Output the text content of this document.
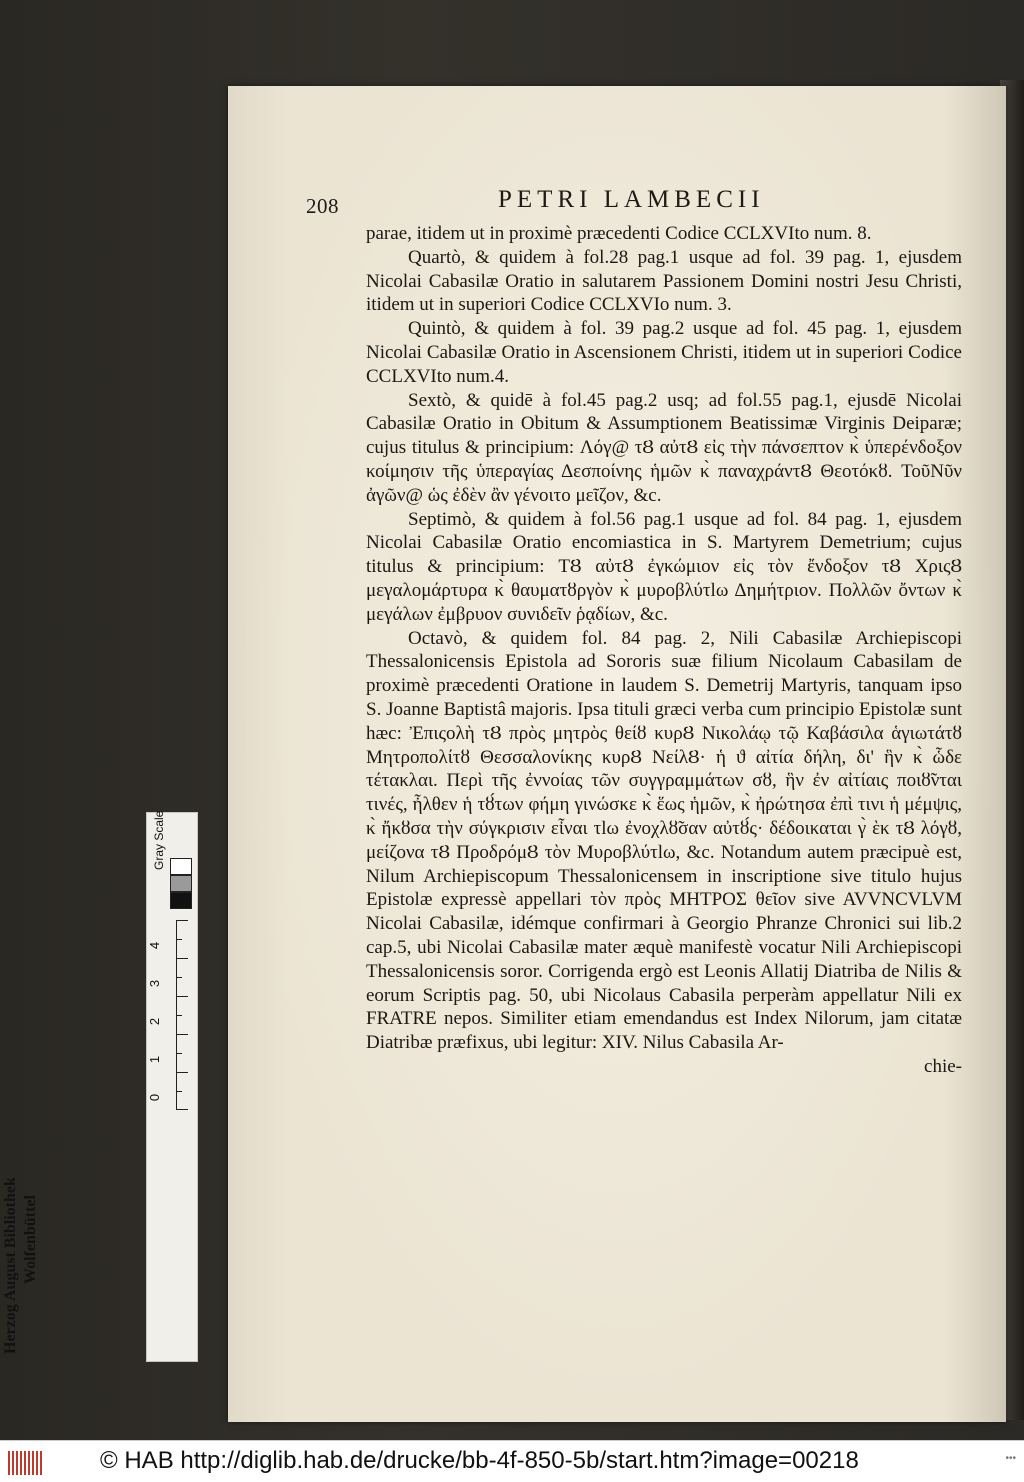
208	PETRI LAMBECII

parae, itidem ut in proximè præcedenti Codice CCLXVIto num. 8.

Quartò, & quidem à fol.28 pag.1 usque ad fol. 39 pag. 1, ejusdem Nicolai Cabasilæ Oratio in salutarem Passionem Domini nostri Jesu Christi, itidem ut in superiori Codice CCLXVIo num. 3.

Quintò, & quidem à fol. 39 pag.2 usque ad fol. 45 pag. 1, ejusdem Nicolai Cabasilæ Oratio in Ascensionem Christi, itidem ut in superiori Codice CCLXVIto num.4.

Sextò, & quidē à fol.45 pag.2 usq; ad fol.55 pag.1, ejusdē Nicolai Cabasilæ Oratio in Obitum & Assumptionem Beatissimæ Virginis Deiparæ; cujus titulus & principium: Λόγ@ τȢ αὐτȢ εἰς τὴν πάνσεπτον κ̀ ὑπερένδοξον κοίμησιν τῆς ὑπεραγίας Δεσποίνης ἡμῶν κ̀ παναχράντȢ Θεοτόκȣ. ΤοῦΝῦν ἀγῶν@ ὡς ἐδὲν ἂν γένοιτο μεῖζον, &c.

Septimò, & quidem à fol.56 pag.1 usque ad fol. 84 pag. 1, ejusdem Nicolai Cabasilæ Oratio encomiastica in S. Martyrem Demetrium; cujus titulus & principium: ΤȢ αὐτȢ ἐγκώμιον εἰς τὸν ἔνδοξον τȢ ΧριςȢ μεγαλομάρτυρα κ̀ θαυματȣργὸν κ̀ μυροβλύτlω Δημήτριον. Πολλῶν ὄντων κ̀ μεγάλων ἐμβρυον συνιδεῖν ῥᾳδίων, &c.

Octavò, & quidem fol. 84 pag. 2, Nili Cabasilæ Archiepiscopi Thessalonicensis Epistola ad Sororis suæ filium Nicolaum Cabasilam de proximè præcedenti Oratione in laudem S. Demetrij Martyris, tanquam ipso S. Joanne Baptistâ majoris. Ipsa tituli græci verba cum principio Epistolæ sunt hæc: Ἐπιςολὴ τȢ πρὸς μητρὸς θείȣ κυρȢ Νικολάῳ τῷ Καβάσιλα ἁγιωτάτȣ Μητροπολίτȣ Θεσσαλονίκης κυρȢ ΝείλȢ· ἡ ϑ αἰτία δήλη, δι' ἣν κ̀ ὧδε τέτακλαι. Περὶ τῆς ἐννοίας τῶν συγγραμμάτων σȣ, ἣν ἐν αἰτίαις ποιȣ̃νται τινές, ἦλθεν ἡ τȣ́των φήμη γινώσκε κ̀ ἕως ἡμῶν, κ̀ ἠρώτησα ἐπὶ τινι ἡ μέμψις, κ̀ ἤκȣσα τὴν σύγκρισιν εἶναι τlω ἐνοχλȣ̃σαν αὐτȣ́ς· δέδοικαται γ̀ ὲκ τȢ λόγȣ, μείζονα τȢ ΠροδρόμȢ τὸν Μυροβλύτlω, &c. Notandum autem præcipuè est, Nilum Archiepiscopum Thessalonicensem in inscriptione sive titulo hujus Epistolæ expressè appellari τὸν πρὸς ΜΗΤΡΟΣ θεῖον sive AVVNCVLVM Nicolai Cabasilæ, idémque confirmari à Georgio Phranze Chronici sui lib.2 cap.5, ubi Nicolai Cabasilæ mater æquè manifestè vocatur Nili Archiepiscopi Thessalonicensis soror. Corrigenda ergò est Leonis Allatij Diatriba de Nilis & eorum Scriptis pag. 50, ubi Nicolaus Cabasila perperàm appellatur Nili ex FRATRE nepos. Similiter etiam emendandus est Index Nilorum, jam citatæ Diatribæ præfixus, ubi legitur: XIV. Nilus Cabasila Ar-

chie-
Herzog August Bibliothek Wolfenbüttel
Gray Scale
0
1
2
3
4
© HAB http://diglib.hab.de/drucke/bb-4f-850-5b/start.htm?image=00218	•••
